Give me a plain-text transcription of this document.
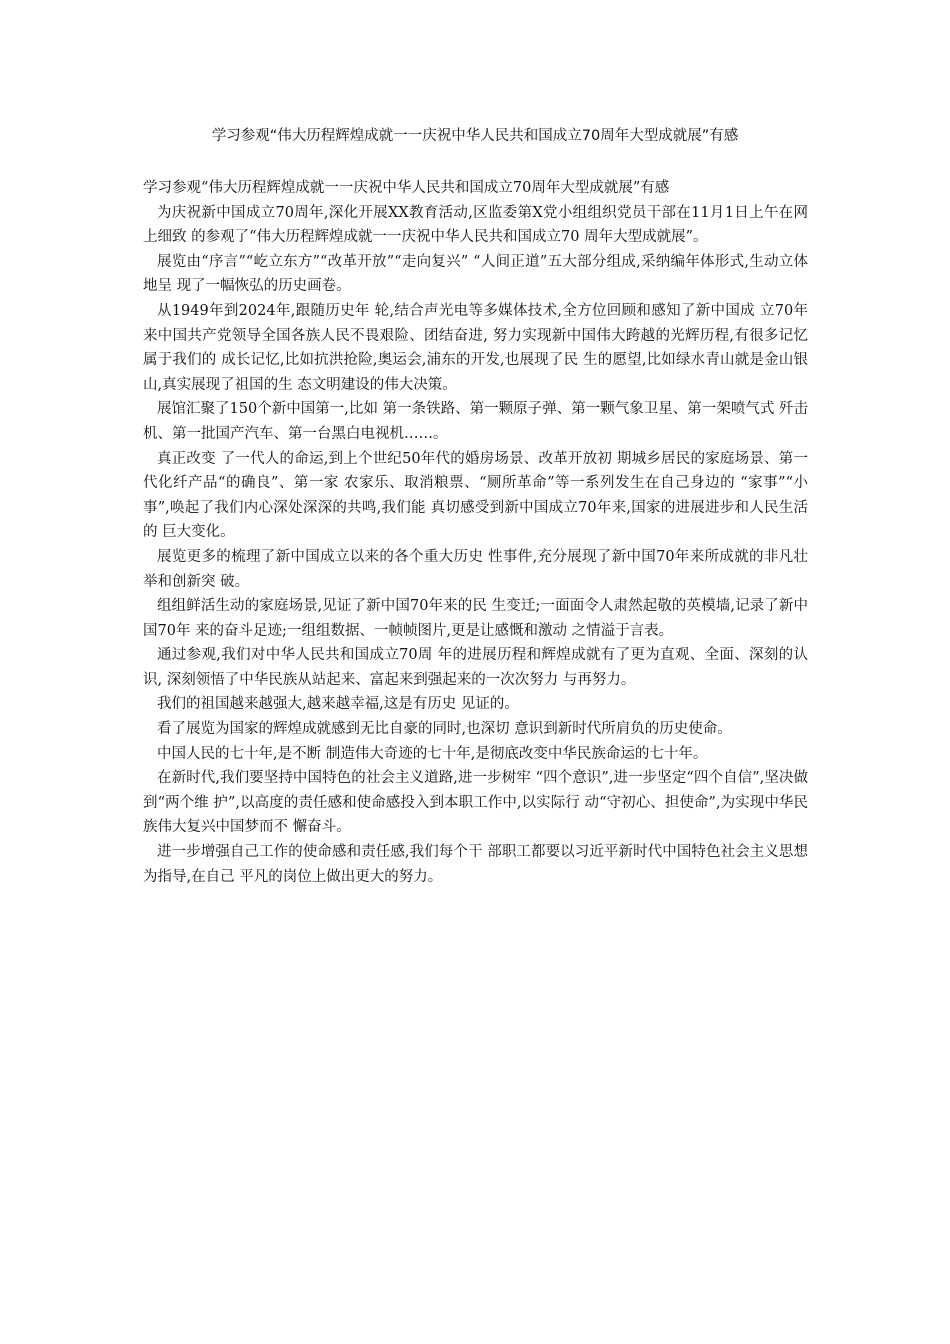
学习参观“伟大历程辉煌成就一一庆祝中华人民共和国成立70周年大型成就展”有感

学习参观“伟大历程辉煌成就一一庆祝中华人民共和国成立70周年大型成就展”有感

为庆祝新中国成立70周年,深化开展XX教育活动,区监委第X党小组组织党员干部在11月1日上午在网上细致 的参观了“伟大历程辉煌成就一一庆祝中华人民共和国成立70 周年大型成就展”。

展览由“序言”“屹立东方”“改革开放”“走向复兴” “人间正道”五大部分组成,采纳编年体形式,生动立体地呈 现了一幅恢弘的历史画卷。

从1949年到2024年,跟随历史年 轮,结合声光电等多媒体技术,全方位回顾和感知了新中国成 立70年来中国共产党领导全国各族人民不畏艰险、团结奋进, 努力实现新中国伟大跨越的光辉历程,有很多记忆属于我们的 成长记忆,比如抗洪抢险,奥运会,浦东的开发,也展现了民 生的愿望,比如绿水青山就是金山银山,真实展现了祖国的生 态文明建设的伟大决策。

展馆汇聚了150个新中国第一,比如 第一条铁路、第一颗原子弹、第一颗气象卫星、第一架喷气式 歼击机、第一批国产汽车、第一台黑白电视机……。

真正改变 了一代人的命运,到上个世纪50年代的婚房场景、改革开放初 期城乡居民的家庭场景、第一代化纤产品“的确良”、第一家 农家乐、取消粮票、“厕所革命”等一系列发生在自己身边的 “家事”“小事”,唤起了我们内心深处深深的共鸣,我们能 真切感受到新中国成立70年来,国家的进展进步和人民生活的 巨大变化。

展览更多的梳理了新中国成立以来的各个重大历史 性事件,充分展现了新中国70年来所成就的非凡壮举和创新突 破。

组组鲜活生动的家庭场景,见证了新中国70年来的民 生变迁;一面面令人肃然起敬的英模墙,记录了新中国70年 来的奋斗足迹;一组组数据、一帧帧图片,更是让感慨和激动 之情溢于言表。

通过参观,我们对中华人民共和国成立70周 年的进展历程和辉煌成就有了更为直观、全面、深刻的认识, 深刻领悟了中华民族从站起来、富起来到强起来的一次次努力 与再努力。

我们的祖国越来越强大,越来越幸福,这是有历史 见证的。

看了展览为国家的辉煌成就感到无比自豪的同时,也深切 意识到新时代所肩负的历史使命。

中国人民的七十年,是不断 制造伟大奇迹的七十年,是彻底改变中华民族命运的七十年。

在新时代,我们要坚持中国特色的社会主义道路,进一步树牢 “四个意识”,进一步坚定“四个自信”,坚决做到“两个维 护”,以高度的责任感和使命感投入到本职工作中,以实际行 动“守初心、担使命”,为实现中华民族伟大复兴中国梦而不 懈奋斗。

进一步增强自己工作的使命感和责任感,我们每个干 部职工都要以习近平新时代中国特色社会主义思想为指导,在自己 平凡的岗位上做出更大的努力。
